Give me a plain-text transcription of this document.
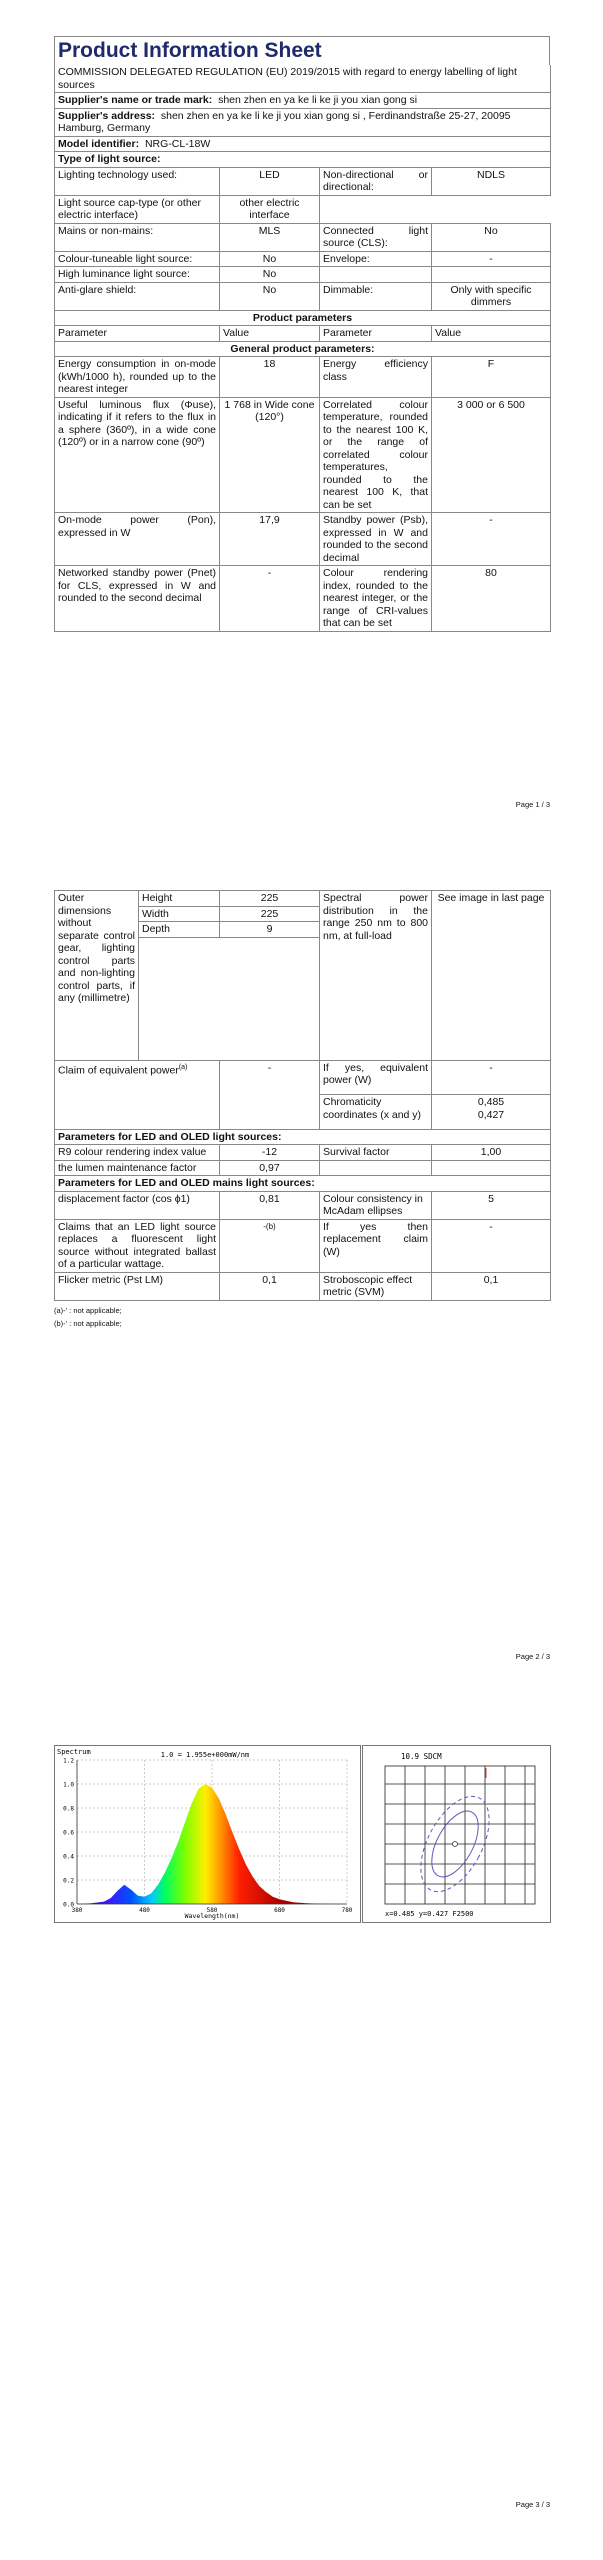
Product Information Sheet
COMMISSION DELEGATED REGULATION (EU) 2019/2015 with regard to energy labelling of light sources			
Supplier's name or trade mark: shen zhen en ya ke li ke ji you xian gong si			
Supplier's address: shen zhen en ya ke li ke ji you xian gong si , Ferdinandstraße 25-27, 20095 Hamburg, Germany			
Model identifier: NRG-CL-18W			
Type of light source:			
Lighting technology used:	LED	Non-directional or directional:	NDLS
Light source cap-type (or other electric interface)	other electric interface		
Mains or non-mains:	MLS	Connected light source (CLS):	No
Colour-tuneable light source:	No	Envelope:	-
High luminance light source:	No		
Anti-glare shield:	No	Dimmable:	Only with specific dimmers
Product parameters			
Parameter	Value	Parameter	Value
General product parameters:			
Energy consumption in on-mode (kWh/1000 h), rounded up to the nearest integer	18	Energy efficiency class	F
Useful luminous flux (Φuse), indicating if it refers to the flux in a sphere (360º), in a wide cone (120º) or in a narrow cone (90º)	1 768 in Wide cone (120°)	Correlated colour temperature, rounded to the nearest 100 K, or the range of correlated colour temperatures, rounded to the nearest 100 K, that can be set	3 000 or 6 500
On-mode power (Pon), expressed in W	17,9	Standby power (Psb), expressed in W and rounded to the second decimal	-
Networked standby power (Pnet) for CLS, expressed in W and rounded to the second decimal	-	Colour rendering index, rounded to the nearest integer, or the range of CRI-values that can be set	80
Page 1 / 3
Outer dimensions without separate control gear, lighting control parts and non-lighting control parts, if any (millimetre)	Height	225	Spectral power distribution in the range 250 nm to 800 nm, at full-load	See image in last page
	Width	225		
	Depth	9		

Claim of equivalent power$^{(a)}$	-	If yes, equivalent power (W)	-
		Chromaticity coordinates (x and y)	0,485
0,427

Parameters for LED and OLED light sources:			
R9 colour rendering index value	-12	Survival factor	1,00
the lumen maintenance factor	0,97		
Parameters for LED and OLED mains light sources:			
displacement factor (cos ϕ1)	0,81	Colour consistency in McAdam ellipses	5
Claims that an LED light source replaces a fluorescent light source without integrated ballast of a particular wattage.	-(b)	If yes then replacement claim (W)	-
Flicker metric (Pst LM)	0,1	Stroboscopic effect metric (SVM)	0,1
(a)-' : not applicable;
(b)-' : not applicable;
Page 2 / 3
Spectrum	1.0 = 1.955e+000mW/nm
0.0
0.2
0.4
0.6
0.8
1.0
1.2
380	480	580	680	780
Wavelength(nm)
10.9 SDCM
x=0.485 y=0.427 F2500
Page 3 / 3
